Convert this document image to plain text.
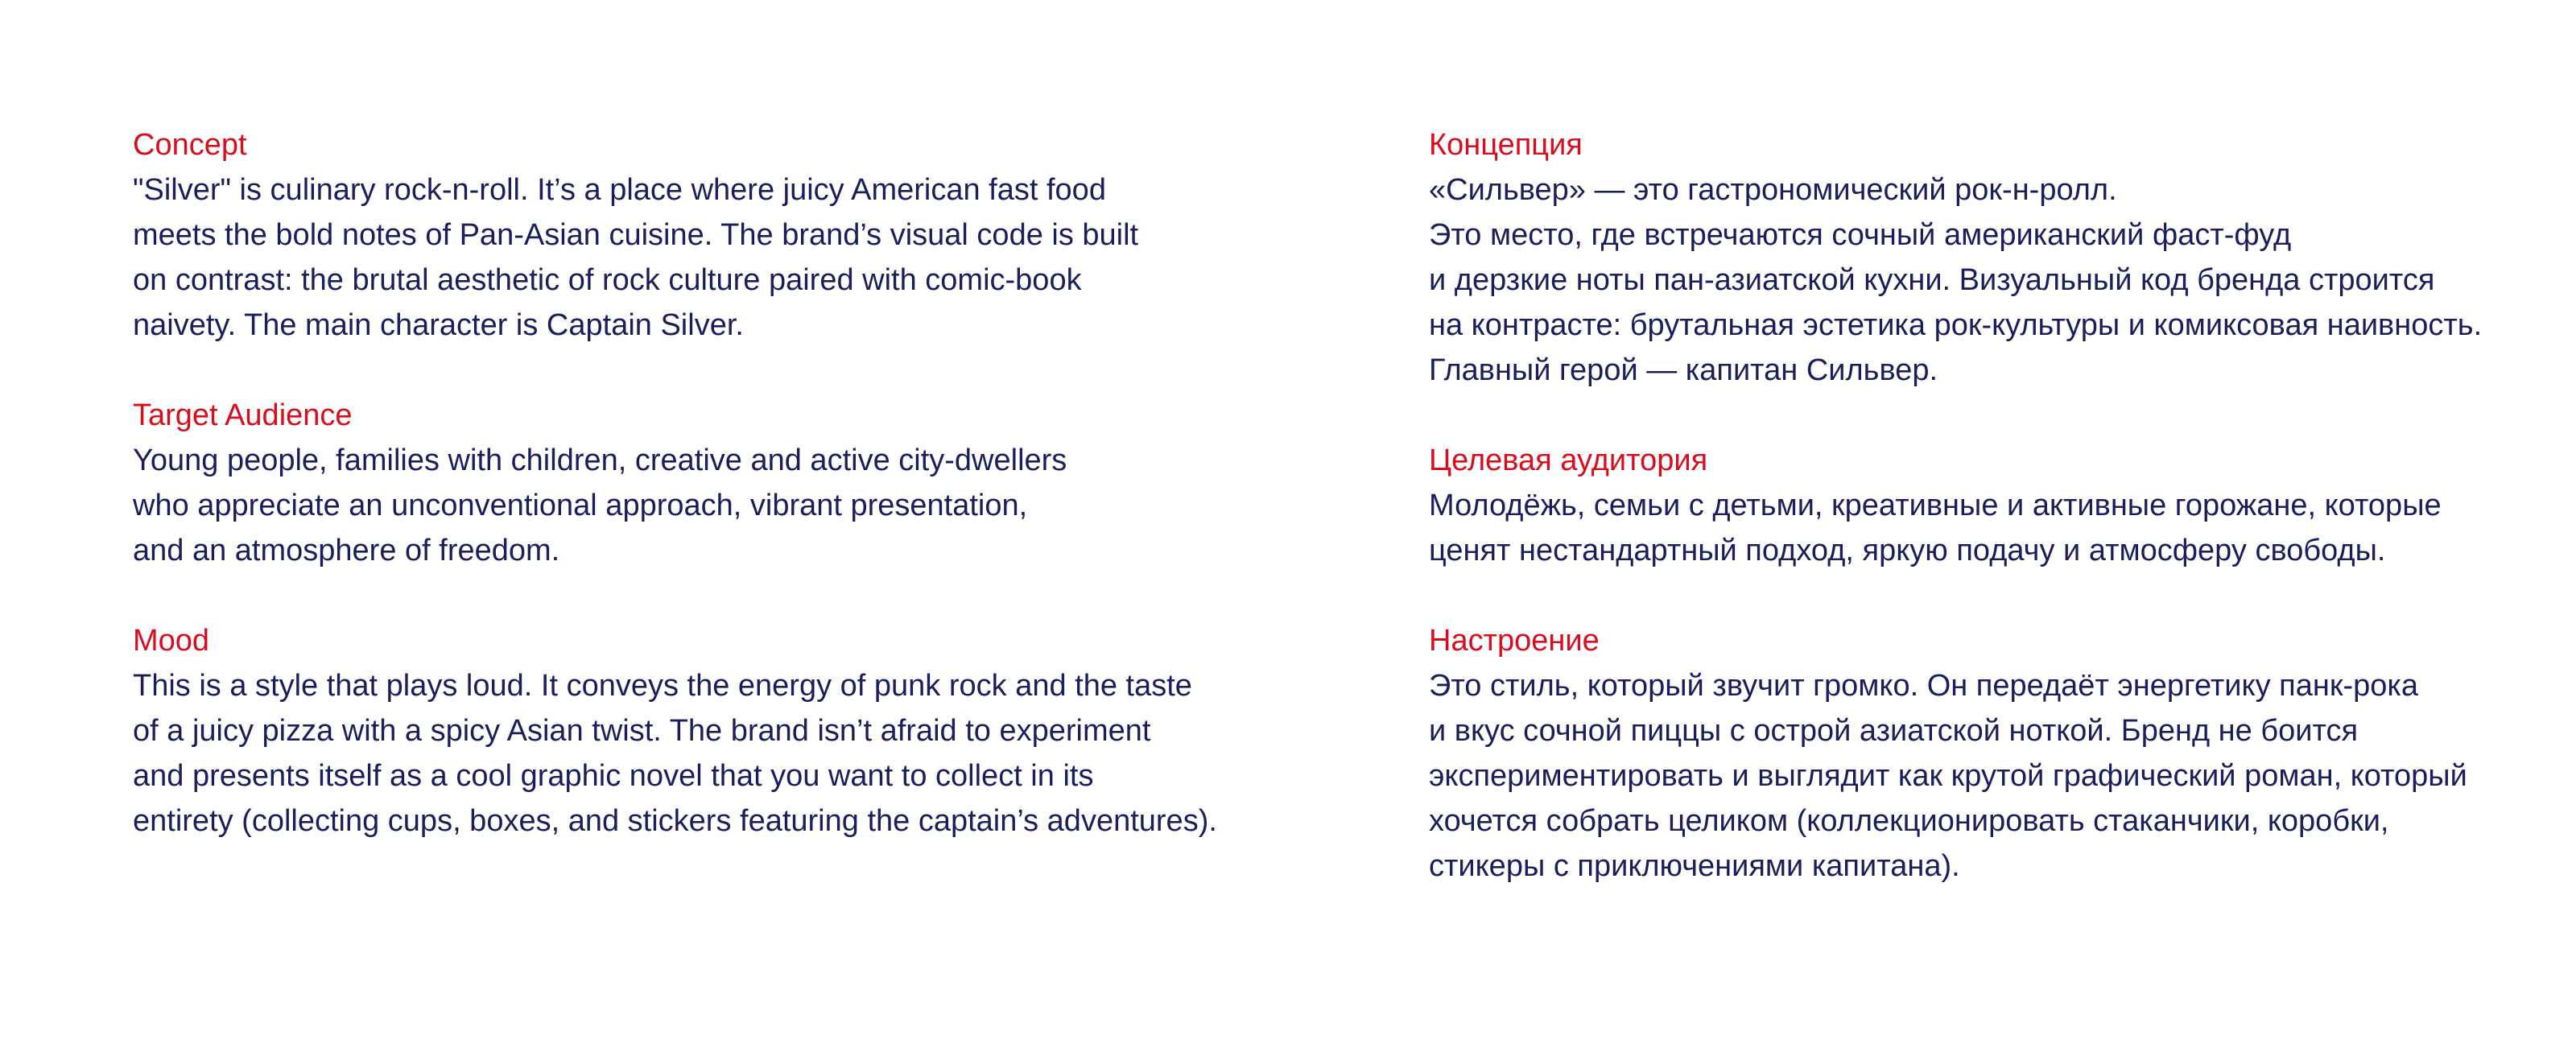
Concept

"Silver" is culinary rock-n-roll. It’s a place where juicy American fast food

meets the bold notes of Pan-Asian cuisine. The brand’s visual code is built

on contrast: the brutal aesthetic of rock culture paired with comic-book

naivety. The main character is Captain Silver.

Target Audience

Young people, families with children, creative and active city-dwellers

who appreciate an unconventional approach, vibrant presentation,

and an atmosphere of freedom.

Mood

This is a style that plays loud. It conveys the energy of punk rock and the taste

of a juicy pizza with a spicy Asian twist. The brand isn’t afraid to experiment

and presents itself as a cool graphic novel that you want to collect in its

entirety (collecting cups, boxes, and stickers featuring the captain’s adventures).

Концепция

«Сильвер» — это гастрономический рок-н-ролл.

Это место, где встречаются сочный американский фаст-фуд

и дерзкие ноты пан-азиатской кухни. Визуальный код бренда строится

на контрасте: брутальная эстетика рок-культуры и комиксовая наивность.

Главный герой — капитан Сильвер.

Целевая аудитория

Молодёжь, семьи с детьми, креативные и активные горожане, которые

ценят нестандартный подход, яркую подачу и атмосферу свободы.

Настроение

Это стиль, который звучит громко. Он передаёт энергетику панк-рока

и вкус сочной пиццы с острой азиатской ноткой. Бренд не боится

экспериментировать и выглядит как крутой графический роман, который

хочется собрать целиком (коллекционировать стаканчики, коробки,

стикеры с приключениями капитана).
